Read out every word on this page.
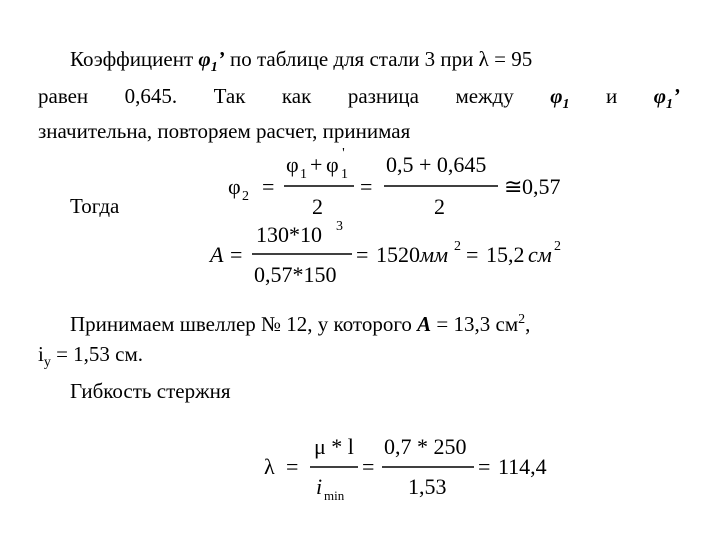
Коэффициент $\varphi_1$’ по таблице для стали 3 при λ = 95
равен 0,645. Так как разница между $\varphi_1$ и $\varphi_1$’
значительна, повторяем расчет, принимая
Тогда
φ 2 =
φ 1 + φ 1
'
2
=
0,5 + 0,645
2
≅ 0,57
A =
130*10 3
0,57*150
= 1520 мм 2 = 15,2 см 2
Принимаем швеллер № 12, у которого A = 13,3 $см^2$,
$i_y = 1,53$ см.
Гибкость стержня
λ =
μ * l
i min
=
0,7 * 250
1,53
= 114,4
